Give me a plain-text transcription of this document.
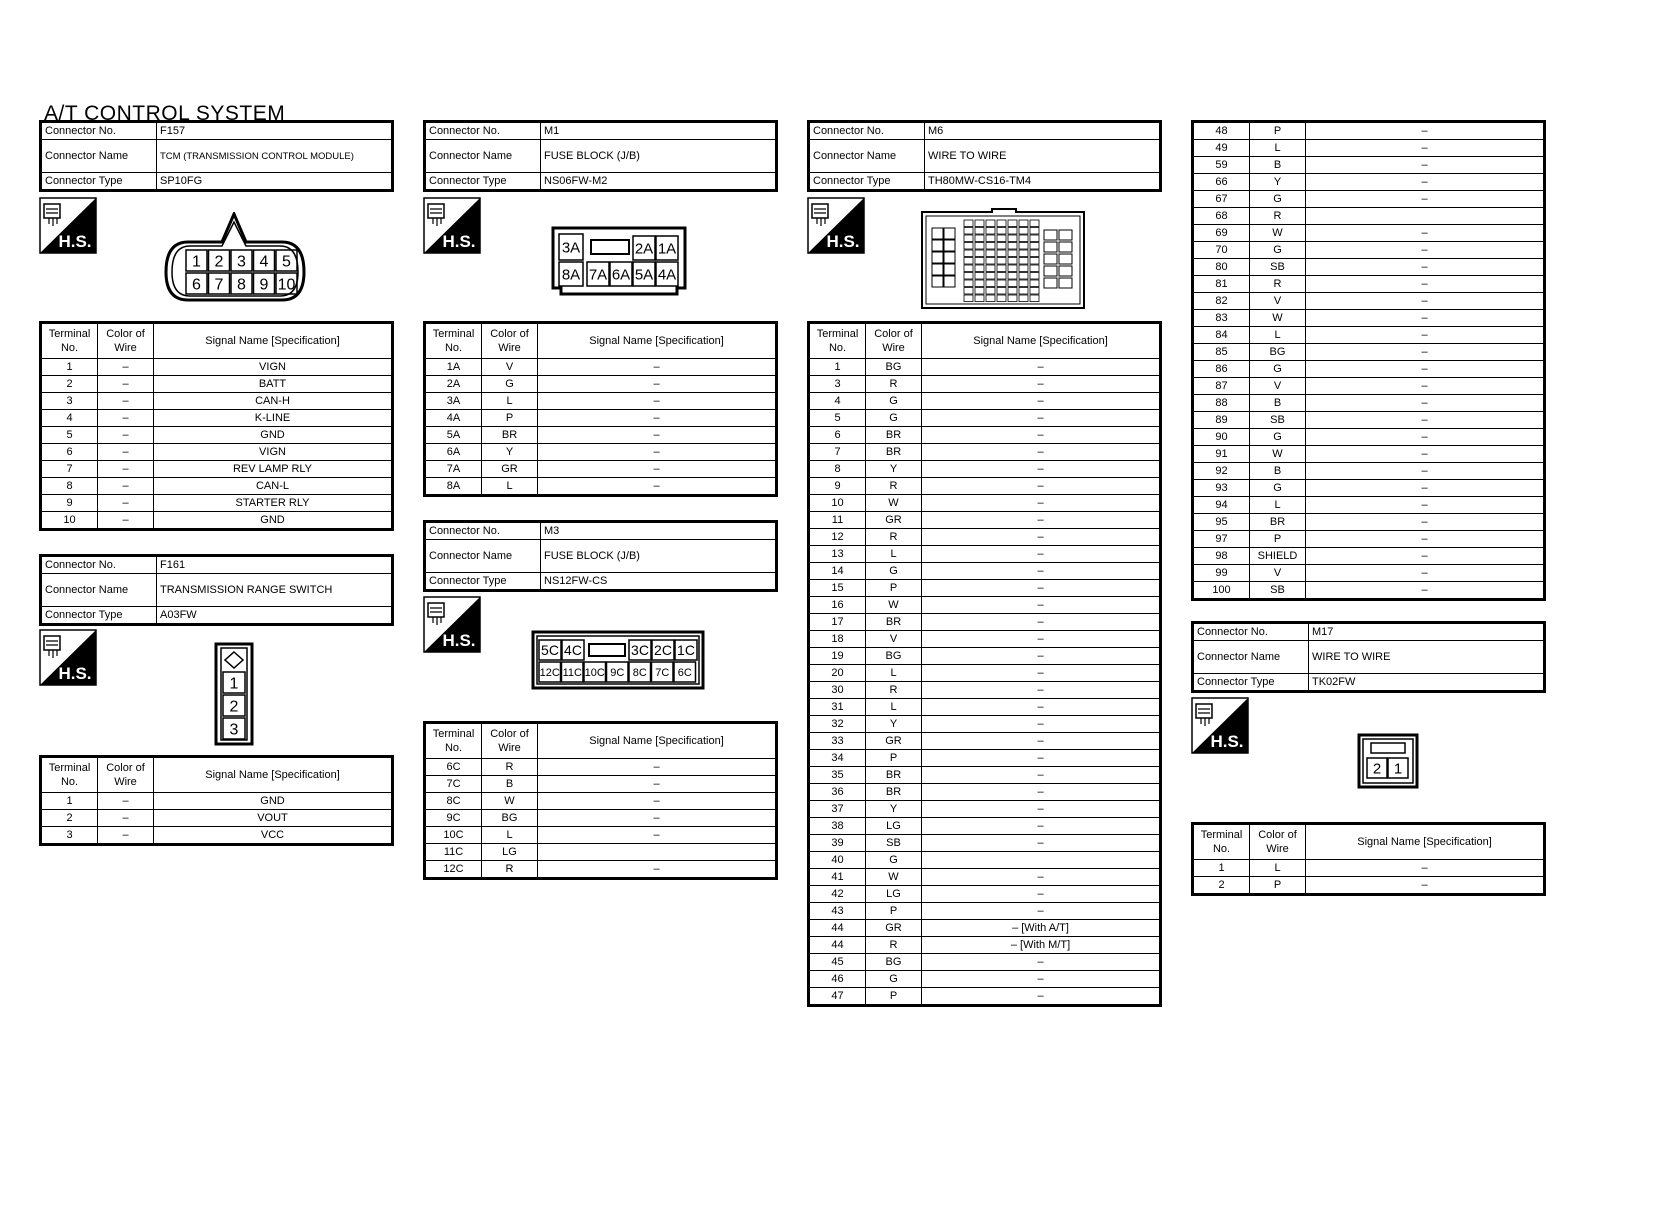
A/T CONTROL SYSTEM
Connector No.	F157
Connector Name	TCM (TRANSMISSION CONTROL MODULE)
Connector Type	SP10FG
H.S.
1 2 3 4 5
6 7 8 9 10
Terminal No.	Color of Wire	Signal Name [Specification]
1	–	VIGN
2	–	BATT
3	–	CAN-H
4	–	K-LINE
5	–	GND
6	–	VIGN
7	–	REV LAMP RLY
8	–	CAN-L
9	–	STARTER RLY
10	–	GND
Connector No.	F161
Connector Name	TRANSMISSION RANGE SWITCH
Connector Type	A03FW
H.S.
1
2
3
Terminal No.	Color of Wire	Signal Name [Specification]
1	–	GND
2	–	VOUT
3	–	VCC
Connector No.	M1
Connector Name	FUSE BLOCK (J/B)
Connector Type	NS06FW-M2
H.S.	3A	2A 1A
8A 7A 6A 5A 4A
Terminal No.	Color of Wire	Signal Name [Specification]
1A	V	–
2A	G	–
3A	L	–
4A	P	–
5A	BR	–
6A	Y	–
7A	GR	–
8A	L	–
Connector No.	M3
Connector Name	FUSE BLOCK (J/B)
Connector Type	NS12FW-CS
H.S.
5C 4C	3C 2C 1C
12C 11C 10C 9C 8C 7C 6C
Terminal No.	Color of Wire	Signal Name [Specification]
6C	R	–
7C	B	–
8C	W	–
9C	BG	–
10C	L	–
11C	LG	
12C	R	–
Connector No.	M6
Connector Name	WIRE TO WIRE
Connector Type	TH80MW-CS16-TM4
H.S.
Terminal No.	Color of Wire	Signal Name [Specification]
1	BG	–
3	R	–
4	G	–
5	G	–
6	BR	–
7	BR	–
8	Y	–
9	R	–
10	W	–
11	GR	–
12	R	–
13	L	–
14	G	–
15	P	–
16	W	–
17	BR	–
18	V	–
19	BG	–
20	L	–
30	R	–
31	L	–
32	Y	–
33	GR	–
34	P	–
35	BR	–
36	BR	–
37	Y	–
38	LG	–
39	SB	–
40	G	
41	W	–
42	LG	–
43	P	–
44	GR	– [With A/T]
44	R	– [With M/T]
45	BG	–
46	G	–
47	P	–
48	P	–
49	L	–
59	B	–
66	Y	–
67	G	–
68	R	
69	W	–
70	G	–
80	SB	–
81	R	–
82	V	–
83	W	–
84	L	–
85	BG	–
86	G	–
87	V	–
88	B	–
89	SB	–
90	G	–
91	W	–
92	B	–
93	G	–
94	L	–
95	BR	–
97	P	–
98	SHIELD	–
99	V	–
100	SB	–
Connector No.	M17
Connector Name	WIRE TO WIRE
Connector Type	TK02FW
H.S.
2 1
Terminal No.	Color of Wire	Signal Name [Specification]
1	L	–
2	P	–
